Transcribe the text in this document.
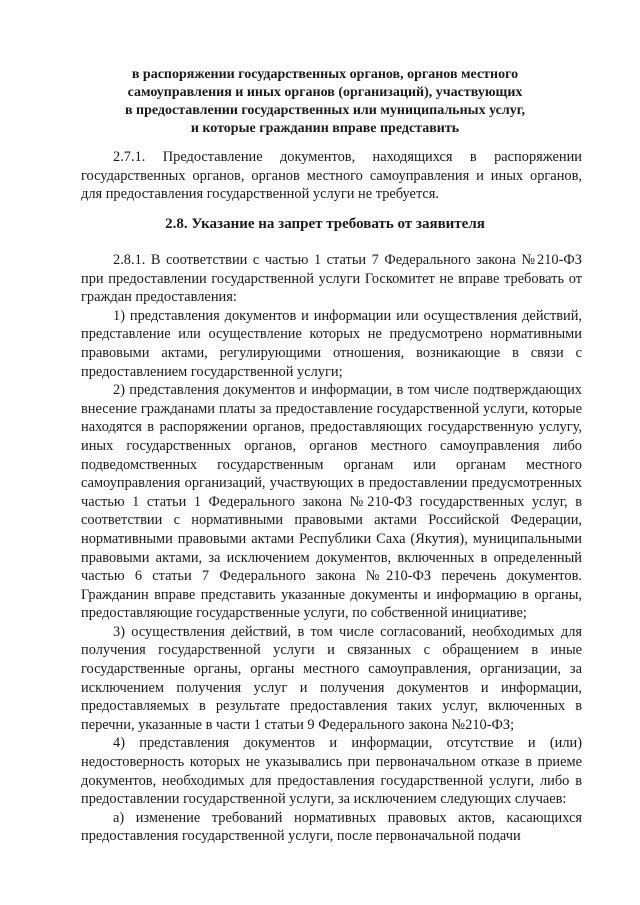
в распоряжении государственных органов, органов местного
самоуправления и иных органов (организаций), участвующих
в предоставлении государственных или муниципальных услуг,
и которые гражданин вправе представить

2.7.1. Предоставление документов, находящихся в распоряжении государственных органов, органов местного самоуправления и иных органов, для предоставления государственной услуги не требуется.

2.8. Указание на запрет требовать от заявителя

2.8.1. В соответствии с частью 1 статьи 7 Федерального закона №210-ФЗ при предоставлении государственной услуги Госкомитет не вправе требовать от граждан предоставления:

1) представления документов и информации или осуществления действий, представление или осуществление которых не предусмотрено нормативными правовыми актами, регулирующими отношения, возникающие в связи с предоставлением государственной услуги;

2) представления документов и информации, в том числе подтверждающих внесение гражданами платы за предоставление государственной услуги, которые находятся в распоряжении органов, предоставляющих государственную услугу, иных государственных органов, органов местного самоуправления либо подведомственных государственным органам или органам местного самоуправления организаций, участвующих в предоставлении предусмотренных частью 1 статьи 1 Федерального закона №210-ФЗ государственных услуг, в соответствии с нормативными правовыми актами Российской Федерации, нормативными правовыми актами Республики Саха (Якутия), муниципальными правовыми актами, за исключением документов, включенных в определенный частью 6 статьи 7 Федерального закона №210-ФЗ перечень документов. Гражданин вправе представить указанные документы и информацию в органы, предоставляющие государственные услуги, по собственной инициативе;

3) осуществления действий, в том числе согласований, необходимых для получения государственной услуги и связанных с обращением в иные государственные органы, органы местного самоуправления, организации, за исключением получения услуг и получения документов и информации, предоставляемых в результате предоставления таких услуг, включенных в перечни, указанные в части 1 статьи 9 Федерального закона №210-ФЗ;

4) представления документов и информации, отсутствие и (или) недостоверность которых не указывались при первоначальном отказе в приеме документов, необходимых для предоставления государственной услуги, либо в предоставлении государственной услуги, за исключением следующих случаев:

а) изменение требований нормативных правовых актов, касающихся предоставления государственной услуги, после первоначальной подачи
